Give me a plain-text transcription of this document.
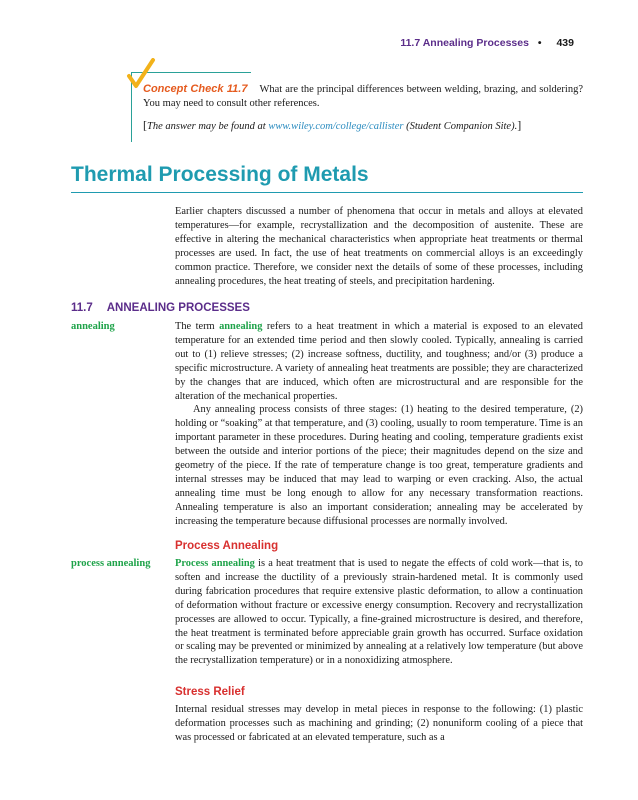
11.7 Annealing Processes • 439
Concept Check 11.7 What are the principal differences between welding, brazing, and soldering? You may need to consult other references.
[The answer may be found at www.wiley.com/college/callister (Student Companion Site).]
Thermal Processing of Metals

Earlier chapters discussed a number of phenomena that occur in metals and alloys at elevated temperatures—for example, recrystallization and the decomposition of austenite. These are effective in altering the mechanical characteristics when appropriate heat treatments or thermal processes are used. In fact, the use of heat treatments on commercial alloys is an exceedingly common practice. Therefore, we consider next the details of some of these processes, including annealing procedures, the heat treating of steels, and precipitation hardening.

11.7 ANNEALING PROCESSES
annealing	The term annealing refers to a heat treatment in which a material is exposed to an elevated temperature for an extended time period and then slowly cooled. Typically, annealing is carried out to (1) relieve stresses; (2) increase softness, ductility, and toughness; and/or (3) produce a specific microstructure. A variety of annealing heat treatments are possible; they are characterized by the changes that are induced, which often are microstructural and are responsible for the alteration of the mechanical properties.

Any annealing process consists of three stages: (1) heating to the desired temperature, (2) holding or “soaking” at that temperature, and (3) cooling, usually to room temperature. Time is an important parameter in these procedures. During heating and cooling, temperature gradients exist between the outside and interior portions of the piece; their magnitudes depend on the size and geometry of the piece. If the rate of temperature change is too great, temperature gradients and internal stresses may be induced that may lead to warping or even cracking. Also, the actual annealing time must be long enough to allow for any necessary transformation reactions. Annealing temperature is also an important consideration; annealing may be accelerated by increasing the temperature because diffusional processes are normally involved.

Process Annealing
process annealing Process annealing is a heat treatment that is used to negate the effects of cold work—that is, to soften and increase the ductility of a previously strain-hardened metal. It is commonly used during fabrication procedures that require extensive plastic deformation, to allow a continuation of deformation without fracture or excessive energy consumption. Recovery and recrystallization processes are allowed to occur. Typically, a fine-grained microstructure is desired, and therefore, the heat treatment is terminated before appreciable grain growth has occurred. Surface oxidation or scaling may be prevented or minimized by annealing at a relatively low temperature (but above the recrystallization temperature) or in a nonoxidizing atmosphere.

Stress Relief

Internal residual stresses may develop in metal pieces in response to the following: (1) plastic deformation processes such as machining and grinding; (2) nonuniform cooling of a piece that was processed or fabricated at an elevated temperature, such as a
